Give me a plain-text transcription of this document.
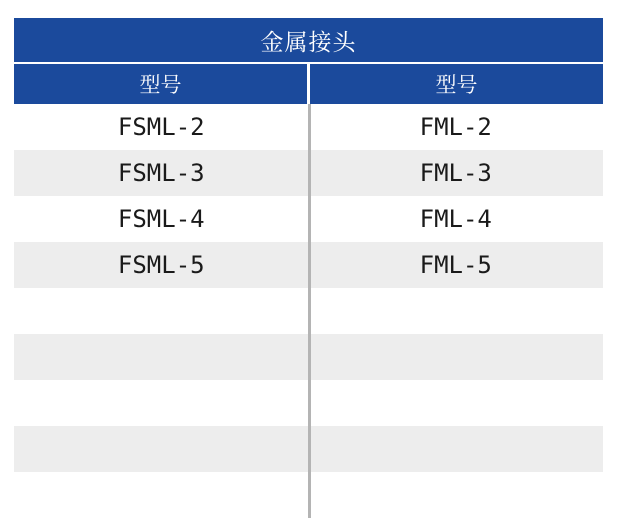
金属接头
型号	型号
FSML-2	FML-2
FSML-3	FML-3
FSML-4	FML-4
FSML-5	FML-5
